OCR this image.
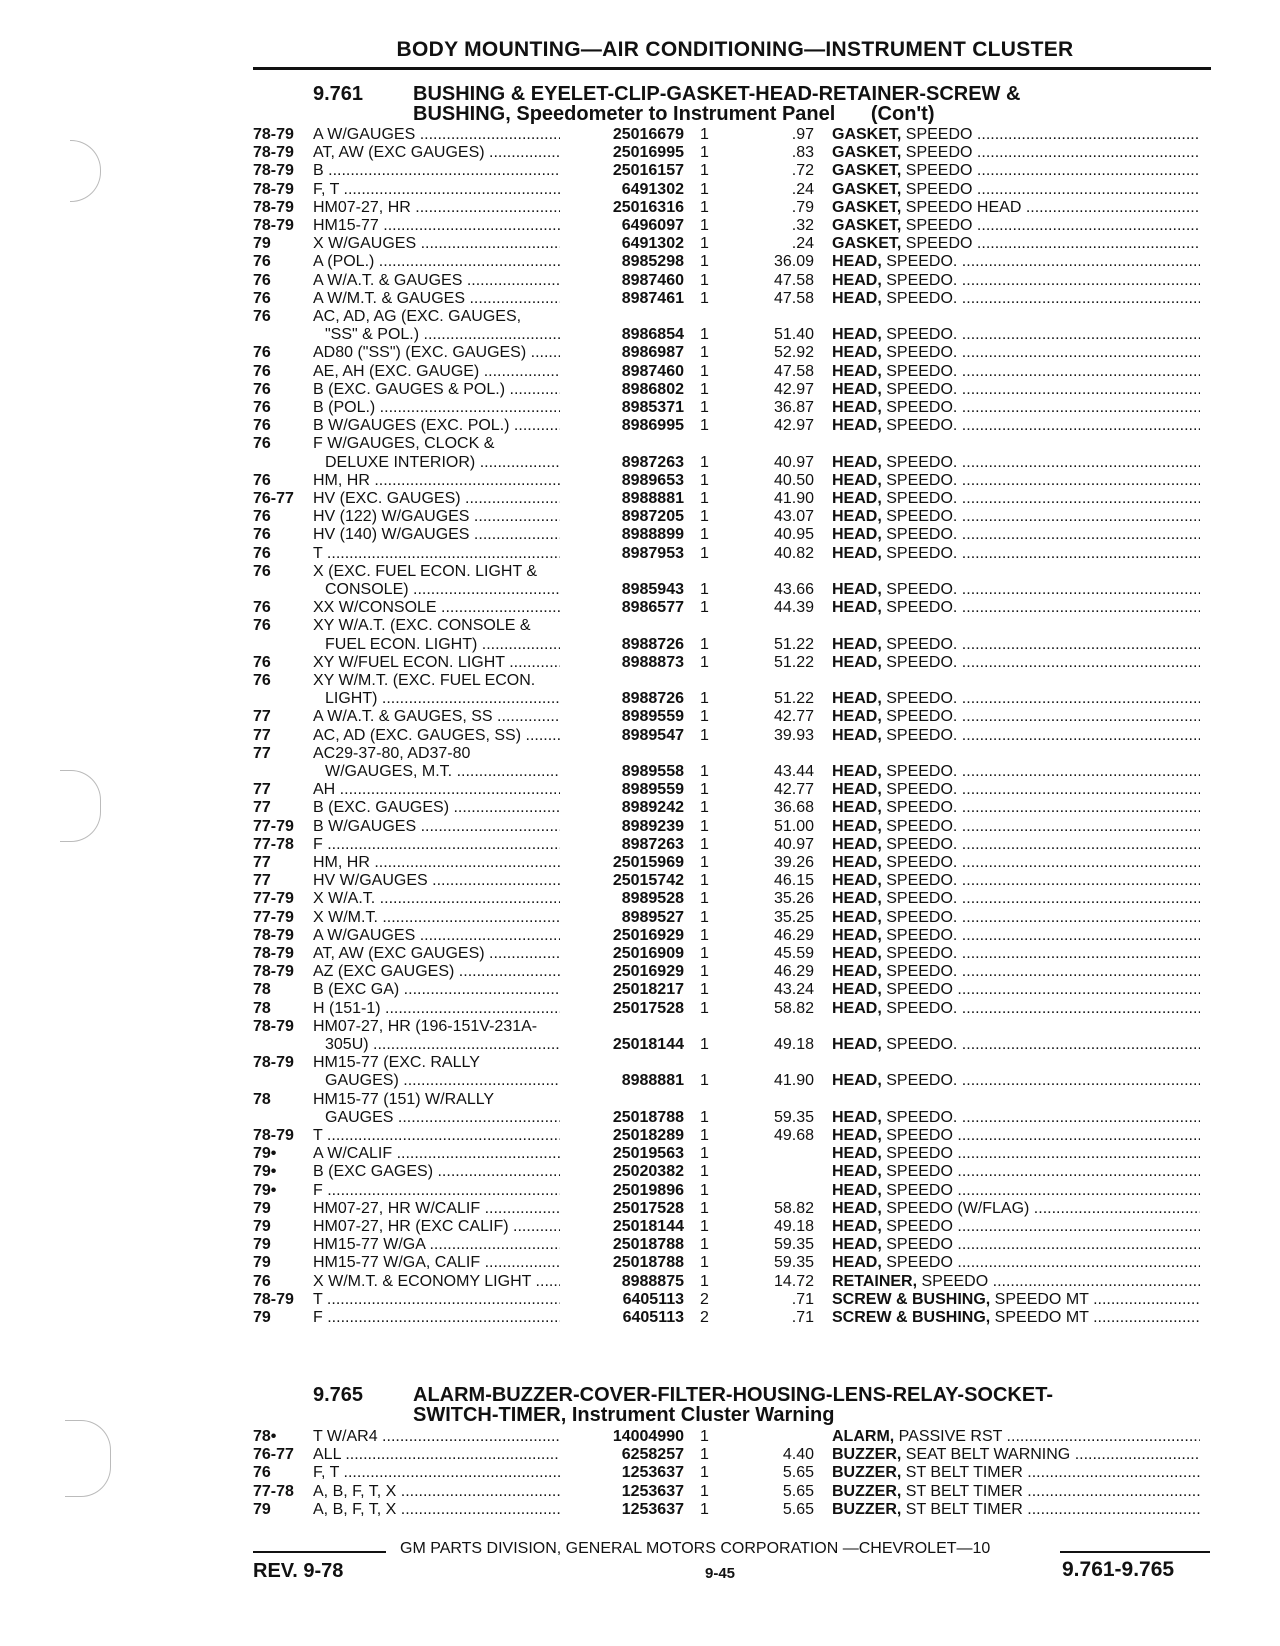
BODY MOUNTING—AIR CONDITIONING—INSTRUMENT CLUSTER
9.761 BUSHING & EYELET-CLIP-GASKET-HEAD-RETAINER-SCREW &
BUSHING, Speedometer to Instrument Panel (Con't)
78-79	A W/GAUGES .....	25016679 1	.97 GASKET, SPEEDO .....
78-79	AT, AW (EXC GAUGES) .....	25016995 1	.83 GASKET, SPEEDO .....
78-79	B .....	25016157 1	.72 GASKET, SPEEDO .....
78-79	F, T .....	6491302 1	.24 GASKET, SPEEDO .....
78-79	HM07-27, HR .....	25016316 1	.79 GASKET, SPEEDO HEAD .....
78-79	HM15-77 .....	6496097 1	.32 GASKET, SPEEDO .....
79	X W/GAUGES .....	6491302 1	.24 GASKET, SPEEDO .....
76	A (POL.) .....	8985298 1	36.09 HEAD, SPEEDO. .....
76	A W/A.T. & GAUGES .....	8987460 1	47.58 HEAD, SPEEDO. .....
76	A W/M.T. & GAUGES .....	8987461 1	47.58 HEAD, SPEEDO. .....
76	AC, AD, AG (EXC. GAUGES,
"SS" & POL.) .....	8986854 1	51.40 HEAD, SPEEDO. .....
76	AD80 ("SS") (EXC. GAUGES) .....	8986987 1	52.92 HEAD, SPEEDO. .....
76	AE, AH (EXC. GAUGE) .....	8987460 1	47.58 HEAD, SPEEDO. .....
76	B (EXC. GAUGES & POL.) .....	8986802 1	42.97 HEAD, SPEEDO. .....
76	B (POL.) .....	8985371 1	36.87 HEAD, SPEEDO. .....
76	B W/GAUGES (EXC. POL.) .....	8986995 1	42.97 HEAD, SPEEDO. .....
76	F W/GAUGES, CLOCK &
DELUXE INTERIOR) .....	8987263 1	40.97 HEAD, SPEEDO. .....
76	HM, HR .....	8989653 1	40.50 HEAD, SPEEDO. .....
76-77	HV (EXC. GAUGES) .....	8988881 1	41.90 HEAD, SPEEDO. .....
76	HV (122) W/GAUGES .....	8987205 1	43.07 HEAD, SPEEDO. .....
76	HV (140) W/GAUGES .....	8988899 1	40.95 HEAD, SPEEDO. .....
76	T .....	8987953 1	40.82 HEAD, SPEEDO. .....
76	X (EXC. FUEL ECON. LIGHT &
CONSOLE) .....	8985943 1	43.66 HEAD, SPEEDO. .....
76	XX W/CONSOLE .....	8986577 1	44.39 HEAD, SPEEDO. .....
76	XY W/A.T. (EXC. CONSOLE &
FUEL ECON. LIGHT) .....	8988726 1	51.22 HEAD, SPEEDO. .....
76	XY W/FUEL ECON. LIGHT .....	8988873 1	51.22 HEAD, SPEEDO. .....
76	XY W/M.T. (EXC. FUEL ECON.
LIGHT) .....	8988726 1	51.22 HEAD, SPEEDO. .....
77	A W/A.T. & GAUGES, SS .....	8989559 1	42.77 HEAD, SPEEDO. .....
77	AC, AD (EXC. GAUGES, SS) .....	8989547 1	39.93 HEAD, SPEEDO. .....
77	AC29-37-80, AD37-80
W/GAUGES, M.T. .....	8989558 1	43.44 HEAD, SPEEDO. .....
77	AH .....	8989559 1	42.77 HEAD, SPEEDO. .....
77	B (EXC. GAUGES) .....	8989242 1	36.68 HEAD, SPEEDO. .....
77-79	B W/GAUGES .....	8989239 1	51.00 HEAD, SPEEDO. .....
77-78	F .....	8987263 1	40.97 HEAD, SPEEDO. .....
77	HM, HR .....	25015969 1	39.26 HEAD, SPEEDO. .....
77	HV W/GAUGES .....	25015742 1	46.15 HEAD, SPEEDO. .....
77-79	X W/A.T. .....	8989528 1	35.26 HEAD, SPEEDO. .....
77-79	X W/M.T. .....	8989527 1	35.25 HEAD, SPEEDO. .....
78-79	A W/GAUGES .....	25016929 1	46.29 HEAD, SPEEDO. .....
78-79	AT, AW (EXC GAUGES) .....	25016909 1	45.59 HEAD, SPEEDO. .....
78-79	AZ (EXC GAUGES) .....	25016929 1	46.29 HEAD, SPEEDO. .....
78	B (EXC GA) .....	25018217 1	43.24 HEAD, SPEEDO .....
78	H (151-1) .....	25017528 1	58.82 HEAD, SPEEDO. .....
78-79	HM07-27, HR (196-151V-231A-
305U) .....	25018144 1	49.18 HEAD, SPEEDO. .....
78-79	HM15-77 (EXC. RALLY
GAUGES) .....	8988881 1	41.90 HEAD, SPEEDO. .....
78	HM15-77 (151) W/RALLY
GAUGES .....	25018788 1	59.35 HEAD, SPEEDO. .....
78-79	T .....	25018289 1	49.68 HEAD, SPEEDO .....
79•	A W/CALIF .....	25019563 1	HEAD, SPEEDO .....
79•	B (EXC GAGES) .....	25020382 1	HEAD, SPEEDO .....
79•	F .....	25019896 1	HEAD, SPEEDO .....
79	HM07-27, HR W/CALIF .....	25017528 1	58.82 HEAD, SPEEDO (W/FLAG) .....
79	HM07-27, HR (EXC CALIF) .....	25018144 1	49.18 HEAD, SPEEDO .....
79	HM15-77 W/GA .....	25018788 1	59.35 HEAD, SPEEDO .....
79	HM15-77 W/GA, CALIF .....	25018788 1	59.35 HEAD, SPEEDO .....
76	X W/M.T. & ECONOMY LIGHT .....	8988875 1	14.72 RETAINER, SPEEDO .....
78-79	T .....	6405113 2	.71 SCREW & BUSHING, SPEEDO MT .....
79	F .....	6405113 2	.71 SCREW & BUSHING, SPEEDO MT .....
9.765 ALARM-BUZZER-COVER-FILTER-HOUSING-LENS-RELAY-SOCKET-
SWITCH-TIMER, Instrument Cluster Warning
78•	T W/AR4 .....	14004990 1	ALARM, PASSIVE RST .....
76-77	ALL .....	6258257 1	4.40 BUZZER, SEAT BELT WARNING .....
76	F, T .....	1253637 1	5.65 BUZZER, ST BELT TIMER .....
77-78	A, B, F, T, X .....	1253637 1	5.65 BUZZER, ST BELT TIMER .....
79	A, B, F, T, X .....	1253637 1	5.65 BUZZER, ST BELT TIMER .....
GM PARTS DIVISION, GENERAL MOTORS CORPORATION —CHEVROLET—10
REV. 9-78	9-45	9.761-9.765
